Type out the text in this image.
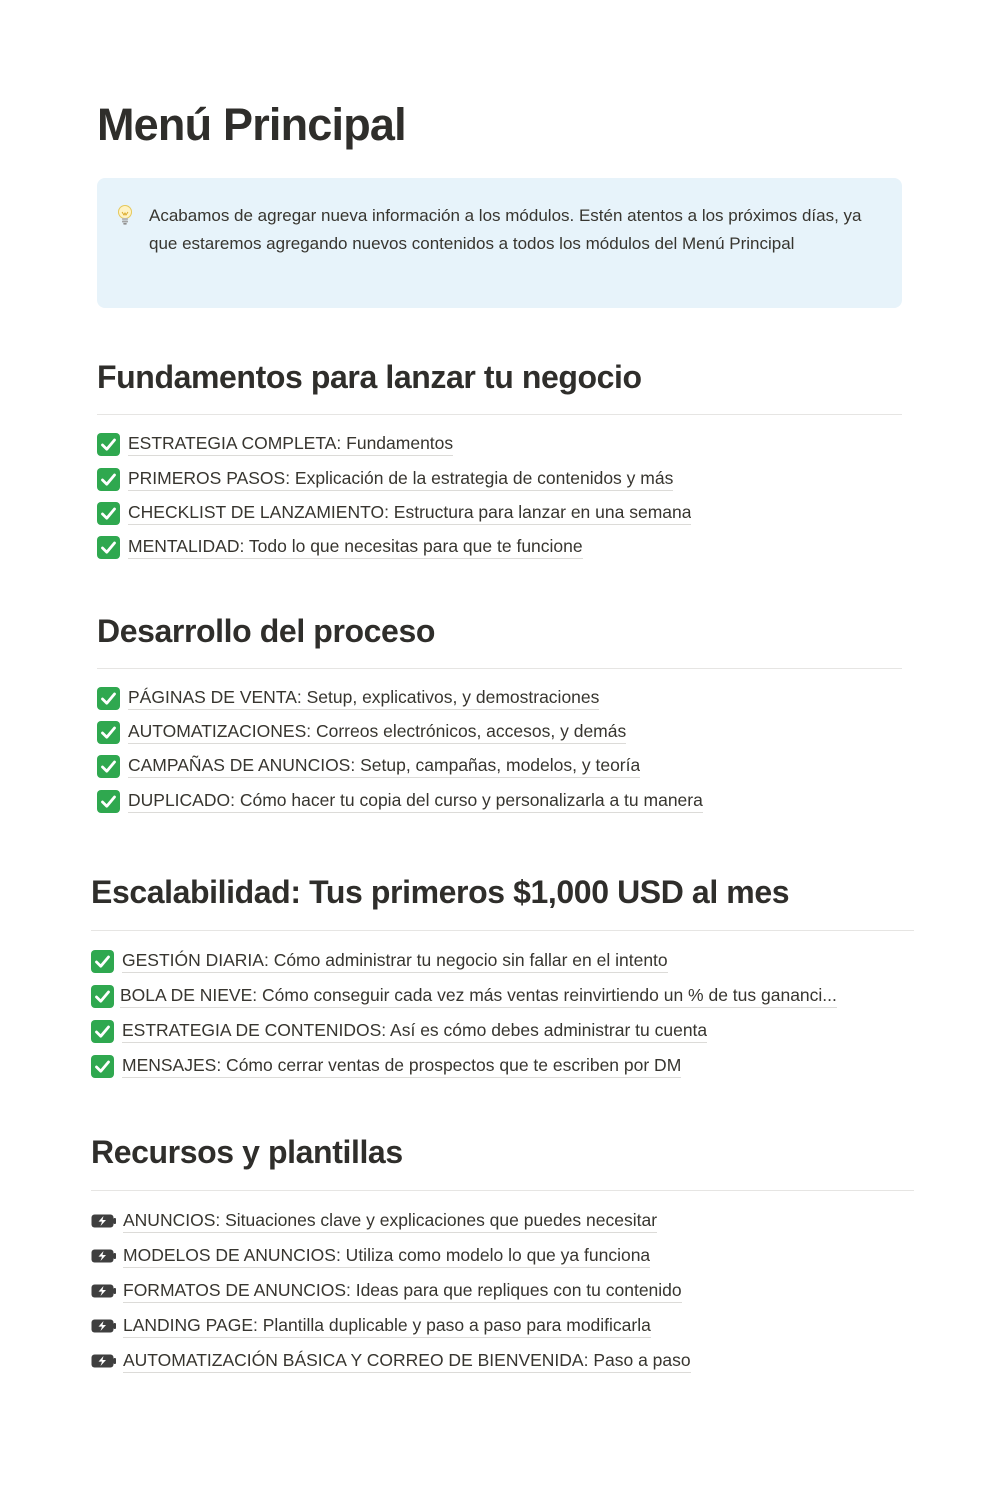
Menú Principal
Acabamos de agregar nueva información a los módulos. Estén atentos a los próximos días, ya que estaremos agregando nuevos contenidos a todos los módulos del Menú Principal
Fundamentos para lanzar tu negocio
ESTRATEGIA COMPLETA: Fundamentos
PRIMEROS PASOS: Explicación de la estrategia de contenidos y más
CHECKLIST DE LANZAMIENTO: Estructura para lanzar en una semana
MENTALIDAD: Todo lo que necesitas para que te funcione
Desarrollo del proceso
PÁGINAS DE VENTA: Setup, explicativos, y demostraciones
AUTOMATIZACIONES: Correos electrónicos, accesos, y demás
CAMPAÑAS DE ANUNCIOS: Setup, campañas, modelos, y teoría
DUPLICADO: Cómo hacer tu copia del curso y personalizarla a tu manera
Escalabilidad: Tus primeros $1,000 USD al mes
GESTIÓN DIARIA: Cómo administrar tu negocio sin fallar en el intento
BOLA DE NIEVE: Cómo conseguir cada vez más ventas reinvirtiendo un % de tus gananci...
ESTRATEGIA DE CONTENIDOS: Así es cómo debes administrar tu cuenta
MENSAJES: Cómo cerrar ventas de prospectos que te escriben por DM
Recursos y plantillas
ANUNCIOS: Situaciones clave y explicaciones que puedes necesitar
MODELOS DE ANUNCIOS: Utiliza como modelo lo que ya funciona
FORMATOS DE ANUNCIOS: Ideas para que repliques con tu contenido
LANDING PAGE: Plantilla duplicable y paso a paso para modificarla
AUTOMATIZACIÓN BÁSICA Y CORREO DE BIENVENIDA: Paso a paso
